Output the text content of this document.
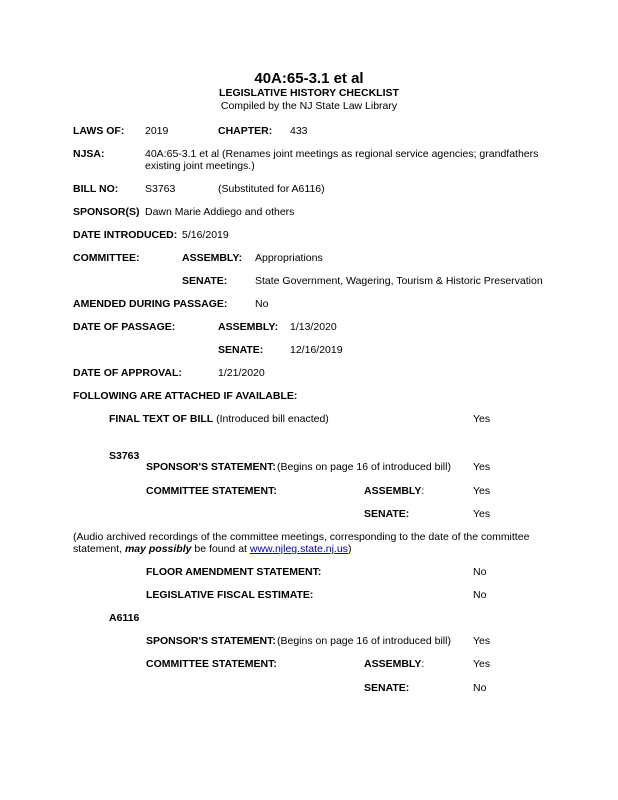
40A:65-3.1 et al
LEGISLATIVE HISTORY CHECKLIST
Compiled by the NJ State Law Library
LAWS OF: 2019	CHAPTER: 433
NJSA:	40A:65-3.1 et al (Renames joint meetings as regional service agencies; grandfathers
existing joint meetings.)
BILL NO:	S3763	(Substituted for A6116)
SPONSOR(S) Dawn Marie Addiego and others
DATE INTRODUCED: 5/16/2019
COMMITTEE:	ASSEMBLY: Appropriations
SENATE:	State Government, Wagering, Tourism & Historic Preservation
AMENDED DURING PASSAGE:	No
DATE OF PASSAGE:	ASSEMBLY: 1/13/2020
SENATE:	12/16/2019
DATE OF APPROVAL:	1/21/2020
FOLLOWING ARE ATTACHED IF AVAILABLE:
FINAL TEXT OF BILL (Introduced bill enacted)	Yes
S3763
SPONSOR'S STATEMENT: (Begins on page 16 of introduced bill) Yes
COMMITTEE STATEMENT:	ASSEMBLY:	Yes
SENATE:	Yes
(Audio archived recordings of the committee meetings, corresponding to the date of the committee
statement, may possibly be found at www.njleg.state.nj.us)
FLOOR AMENDMENT STATEMENT:	No
LEGISLATIVE FISCAL ESTIMATE:	No
A6116
SPONSOR'S STATEMENT: (Begins on page 16 of introduced bill) Yes
COMMITTEE STATEMENT:	ASSEMBLY:	Yes
SENATE:	No
